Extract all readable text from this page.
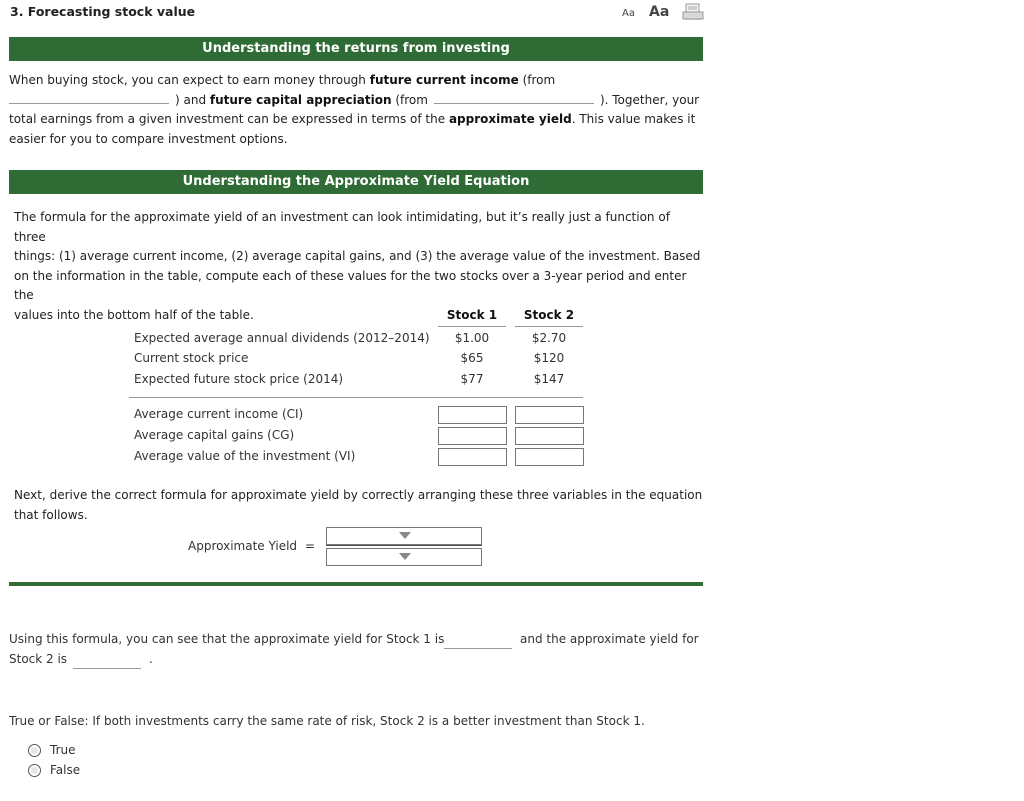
3. Forecasting stock value	Aa Aa
Understanding the returns from investing
When buying stock, you can expect to earn money through future current income (from
) and future capital appreciation (from	). Together, your
total earnings from a given investment can be expressed in terms of the approximate yield. This value makes it
easier for you to compare investment options.
Understanding the Approximate Yield Equation
The formula for the approximate yield of an investment can look intimidating, but it’s really just a function of three
things: (1) average current income, (2) average capital gains, and (3) the average value of the investment. Based
on the information in the table, compute each of these values for the two stocks over a 3-year period and enter the
values into the bottom half of the table.	Stock 1	Stock 2
Expected average annual dividends (2012–2014)	$1.00	$2.70
Current stock price	$65	$120
Expected future stock price (2014)	$77	$147
Average current income (CI)
Average capital gains (CG)
Average value of the investment (VI)
Next, derive the correct formula for approximate yield by correctly arranging these three variables in the equation
that follows.
Approximate Yield =
Using this formula, you can see that the approximate yield for Stock 1 is	and the approximate yield for
Stock 2 is	.
True or False: If both investments carry the same rate of risk, Stock 2 is a better investment than Stock 1.
True
False
